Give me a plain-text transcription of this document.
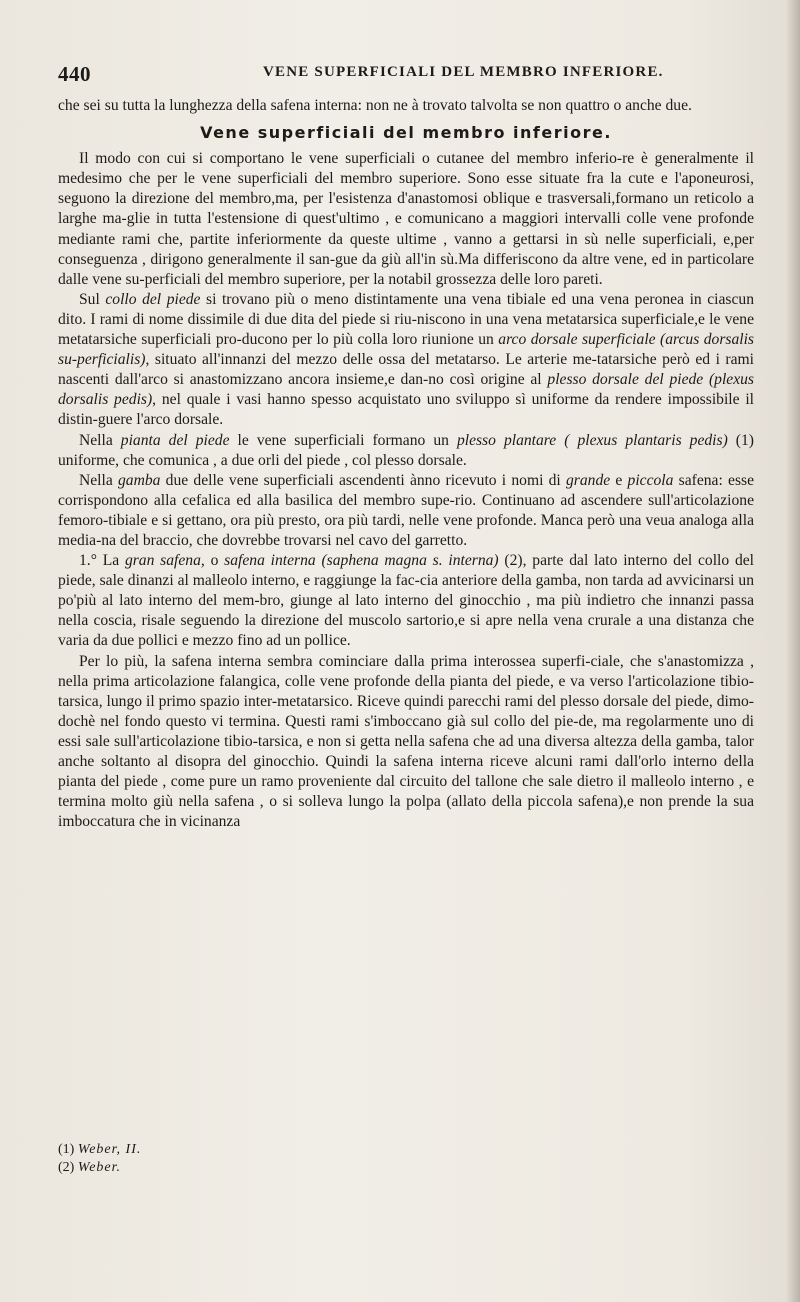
440	VENE SUPERFICIALI DEL MEMBRO INFERIORE.

che sei su tutta la lunghezza della safena interna: non ne à trovato talvolta se non quattro o anche due.

Vene superficiali del membro inferiore.

Il modo con cui si comportano le vene superficiali o cutanee del membro inferio-re è generalmente il medesimo che per le vene superficiali del membro superiore. Sono esse situate fra la cute e l'aponeurosi, seguono la direzione del membro,ma, per l'esistenza d'anastomosi oblique e trasversali,formano un reticolo a larghe ma-glie in tutta l'estensione di quest'ultimo , e comunicano a maggiori intervalli colle vene profonde mediante rami che, partite inferiormente da queste ultime , vanno a gettarsi in sù nelle superficiali, e,per conseguenza , dirigono generalmente il san-gue da giù all'in sù.Ma differiscono da altre vene, ed in particolare dalle vene su-perficiali del membro superiore, per la notabil grossezza delle loro pareti.

Sul collo del piede si trovano più o meno distintamente una vena tibiale ed una vena peronea in ciascun dito. I rami di nome dissimile di due dita del piede si riu-niscono in una vena metatarsica superficiale,e le vene metatarsiche superficiali pro-ducono per lo più colla loro riunione un arco dorsale superficiale (arcus dorsalis su-perficialis), situato all'innanzi del mezzo delle ossa del metatarso. Le arterie me-tatarsiche però ed i rami nascenti dall'arco si anastomizzano ancora insieme,e dan-no così origine al plesso dorsale del piede (plexus dorsalis pedis), nel quale i vasi hanno spesso acquistato uno sviluppo sì uniforme da rendere impossibile il distin-guere l'arco dorsale.

Nella pianta del piede le vene superficiali formano un plesso plantare ( plexus plantaris pedis) (1) uniforme, che comunica , a due orli del piede , col plesso dorsale.

Nella gamba due delle vene superficiali ascendenti ànno ricevuto i nomi di grande e piccola safena: esse corrispondono alla cefalica ed alla basilica del membro supe-rio. Continuano ad ascendere sull'articolazione femoro-tibiale e si gettano, ora più presto, ora più tardi, nelle vene profonde. Manca però una veua analoga alla media-na del braccio, che dovrebbe trovarsi nel cavo del garretto.

1.° La gran safena, o safena interna (saphena magna s. interna) (2), parte dal lato interno del collo del piede, sale dinanzi al malleolo interno, e raggiunge la fac-cia anteriore della gamba, non tarda ad avvicinarsi un po'più al lato interno del mem-bro, giunge al lato interno del ginocchio , ma più indietro che innanzi passa nella coscia, risale seguendo la direzione del muscolo sartorio,e si apre nella vena crurale a una distanza che varia da due pollici e mezzo fino ad un pollice.

Per lo più, la safena interna sembra cominciare dalla prima interossea superfi-ciale, che s'anastomizza , nella prima articolazione falangica, colle vene profonde della pianta del piede, e va verso l'articolazione tibio-tarsica, lungo il primo spazio inter-metatarsico. Riceve quindi parecchi rami del plesso dorsale del piede, dimo-dochè nel fondo questo vi termina. Questi rami s'imboccano già sul collo del pie-de, ma regolarmente uno di essi sale sull'articolazione tibio-tarsica, e non si getta nella safena che ad una diversa altezza della gamba, talor anche soltanto al disopra del ginocchio. Quindi la safena interna riceve alcuni rami dall'orlo interno della pianta del piede , come pure un ramo proveniente dal circuito del tallone che sale dietro il malleolo interno , e termina molto giù nella safena , o si solleva lungo la polpa (allato della piccola safena),e non prende la sua imboccatura che in vicinanza

(1) Weber, II.
(2) Weber.
